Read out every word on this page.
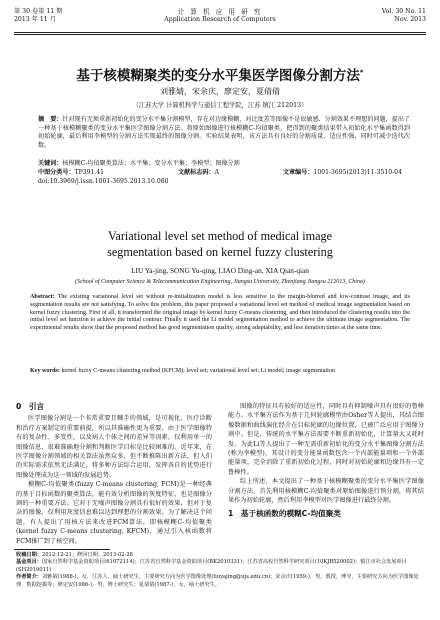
第 30 卷第 11 期
2013 年 11 月
计 算 机 应 用 研 究
Application Research of Computers
Vol. 30 No. 11
Nov. 2013
基于核模糊聚类的变分水平集医学图像分割方法*
刘雅婧，宋余庆，廖定安，夏倩倩
（江苏大学 计算机科学与通信工程学院，江苏 镇江 212013）
摘　要：针对现有无须重新初始化的变分水平集分割模型，存在对边缘模糊、对比度差等图像不是很敏感、分割效果不理想的问题，提出了一种基于核模糊聚类的变分水平集医学图像分割方法。将原始图像进行核模糊C-均值聚类，把得到的聚类结果带入初始化水平集函数得到初始轮廓，最后利用李模型的分割方法实现最终的图像分割。实验结果表明，该方法具有良好的分割质量、适应性强，同时可减少迭代次数。
关键词：核模糊C-均值聚类算法；水平集；变分水平集；李模型；图像分割
中图分类号：TP391.41	文献标志码：A	文章编号：1001-3695(2013)11-3510-04
doi:10.3969/j.issn.1001-3695.2013.10.080
Variational level set method of medical image
segmentation based on kernel fuzzy clustering
LIU Ya-jing, SONG Yu-qing, LIAO Ding-an, XIA Qian-qian
(School of Computer Science & Telecommunication Engineering, Jiangsu University, Zhenjiang Jiangsu 212013, China)
Abstract: The existing variational level set without re-initialization model is less sensitive to the margin-blurred and low-contrast image, and its segmentation results are not satisfying. To solve this problem, this paper proposed a variational level set method of medical image segmentation based on kernel fuzzy clustering. First of all, it transformed the original image by kernel fuzzy C-means clustering, and then introduced the clustering results into the initial level set function to achieve the initial contour. Finally it used the Li model segmentation method to achieve the ultimate image segmentation. The experimental results show that the proposed method has good segmentation quality, strong adaptability, and less iteration times at the same time.
Key words: kernel fuzzy C-means clustering method (KFCM); level set; variational level set; Li model; image segmentation
0　引言

医学图像分割是一个非常重要且棘手的领域，是可视化、医疗诊断和治疗方案制定的重要前提，所以其准确性更为重要。由于医学图像特有的复杂性、多变性，以及病人个体之间的差异等因素，仅利用单一的图像信息，很难准确地分割和判断医学目标是比较困难的。近年来，在医学图像分割领域的相关算法虽然众多，但不断推陈出新方法，但入们的实际需求依然无法满足，将多种方法综合运用，发挥各自的优势进行图像处理成为这一领域的发展趋势。

模糊C-均值聚类(fuzzy C-means clustering, FCM)是一种经典的基于目标函数的聚类算法，能有效分析图像的灰度特征，也是图像分割的一种重要方法。它对于无噪声图像分割具有很好的效果，但对于复杂的图像，仅利用灰度信息难以达到理想的分割效果。为了解决这个问题，有人提出了用核方法来改进FCM算法，即核模糊C-均值聚类(kernel fuzzy C-means clustering, KFCM)，通过引入核函数将FCM推广到了核空间。

图像的特征具有较好的适应性，同时具有抑制噪声具有很好的鲁棒能力。水平集方法作为基于几何轮廓模型由Osher等人提出，其结合图像数据和曲线演化经介在目标轮廓的边缘位置，已被广泛应用于图像分割中。但是，传统的水平集方法需要不断重新初始化，计算量大又耗时发。为此Li等人提出了一种无需重新初始化的变分水平集图像分割方法(称为李模型)，其设计的变分能量函数包含一个内部能量项和一个外部能量项，完全消除了重新初始化过程，同时对初始轮廓和边缘具有一定鲁棒性。

综上所述，本文提出了一种基于核模糊聚类的变分水平集医学图像分割方法。首先利用核模糊C-均值聚类对原始图像进行预分割，将其结果作为初始轮廓，然后利用李模型对医学图像进行最终分割。

1　基于核函数的模糊C-均值聚类
收稿日期：2012-12-21；修回日期：2013-02-28
基金项目：国家自然科学基金资助项目(61072114)；江苏省自然科学基金资助项目(BK2010331)；江苏省高校自然科学研究项目(10KJB520002)；镇江市社会发展项目(SH2010011)
作者简介：刘雅婧(1988-)，女，江苏人，硕士研究生，主要研究方向为医学图像处理(liuyajing@ujs.edu.cn)；宋余庆(1959-)，男，教授，博导，主要研究方向为医学图像处理、数据挖掘等；廖定安(1986-)，男，博士研究生；夏倩倩(1987-)，女，硕士研究生。
